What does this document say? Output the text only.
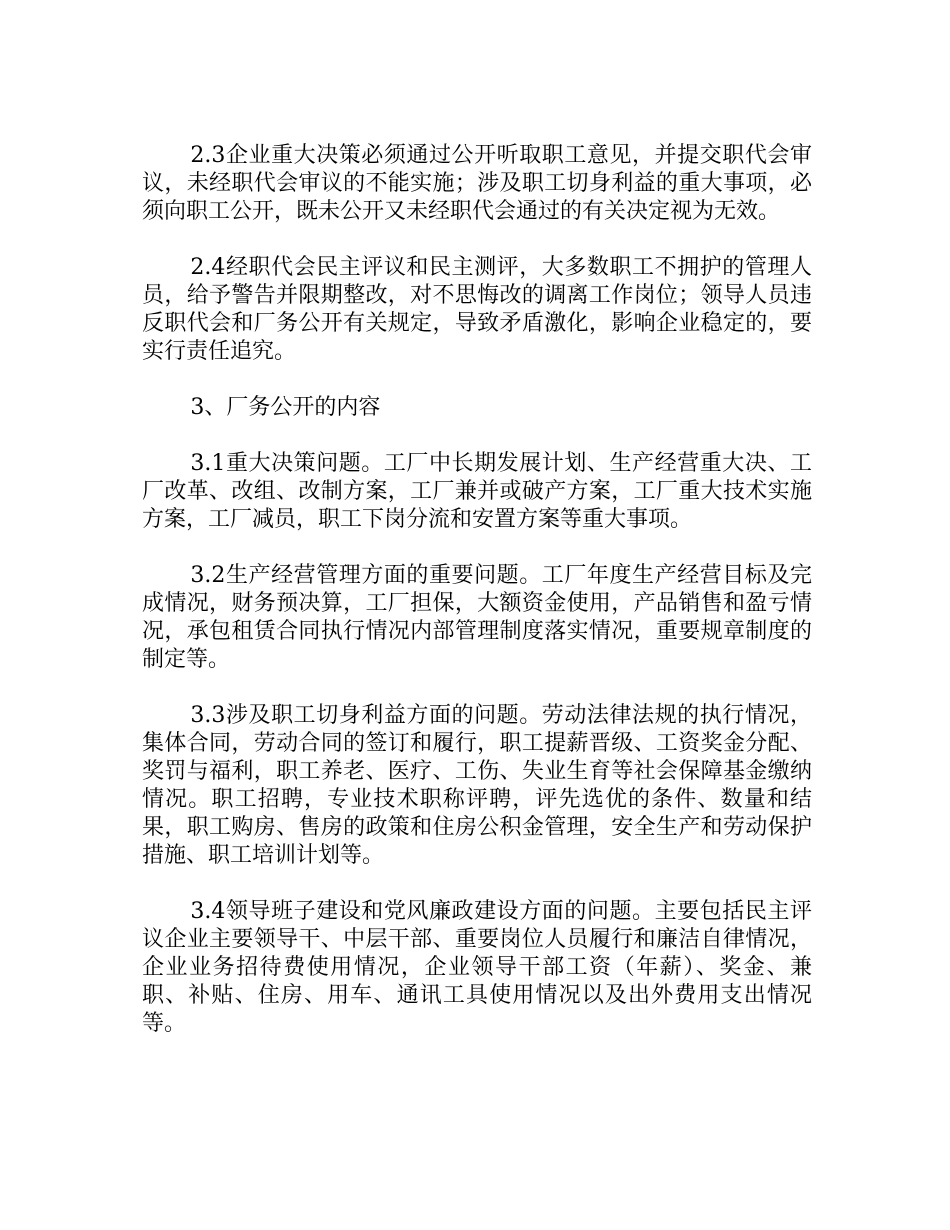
2.3企业重大决策必须通过公开听取职工意见，并提交职代会审议，未经职代会审议的不能实施；涉及职工切身利益的重大事项，必须向职工公开，既未公开又未经职代会通过的有关决定视为无效。

2.4经职代会民主评议和民主测评，大多数职工不拥护的管理人员，给予警告并限期整改，对不思悔改的调离工作岗位；领导人员违反职代会和厂务公开有关规定，导致矛盾激化，影响企业稳定的，要实行责任追究。

3、厂务公开的内容

3.1重大决策问题。工厂中长期发展计划、生产经营重大决、工厂改革、改组、改制方案，工厂兼并或破产方案，工厂重大技术实施方案，工厂减员，职工下岗分流和安置方案等重大事项。

3.2生产经营管理方面的重要问题。工厂年度生产经营目标及完成情况，财务预决算，工厂担保，大额资金使用，产品销售和盈亏情况，承包租赁合同执行情况内部管理制度落实情况，重要规章制度的制定等。

3.3涉及职工切身利益方面的问题。劳动法律法规的执行情况，集体合同，劳动合同的签订和履行，职工提薪晋级、工资奖金分配、奖罚与福利，职工养老、医疗、工伤、失业生育等社会保障基金缴纳情况。职工招聘，专业技术职称评聘，评先选优的条件、数量和结果，职工购房、售房的政策和住房公积金管理，安全生产和劳动保护措施、职工培训计划等。

3.4领导班子建设和党风廉政建设方面的问题。主要包括民主评议企业主要领导干、中层干部、重要岗位人员履行和廉洁自律情况，企业业务招待费使用情况，企业领导干部工资（年薪）、奖金、兼职、补贴、住房、用车、通讯工具使用情况以及出外费用支出情况等。
